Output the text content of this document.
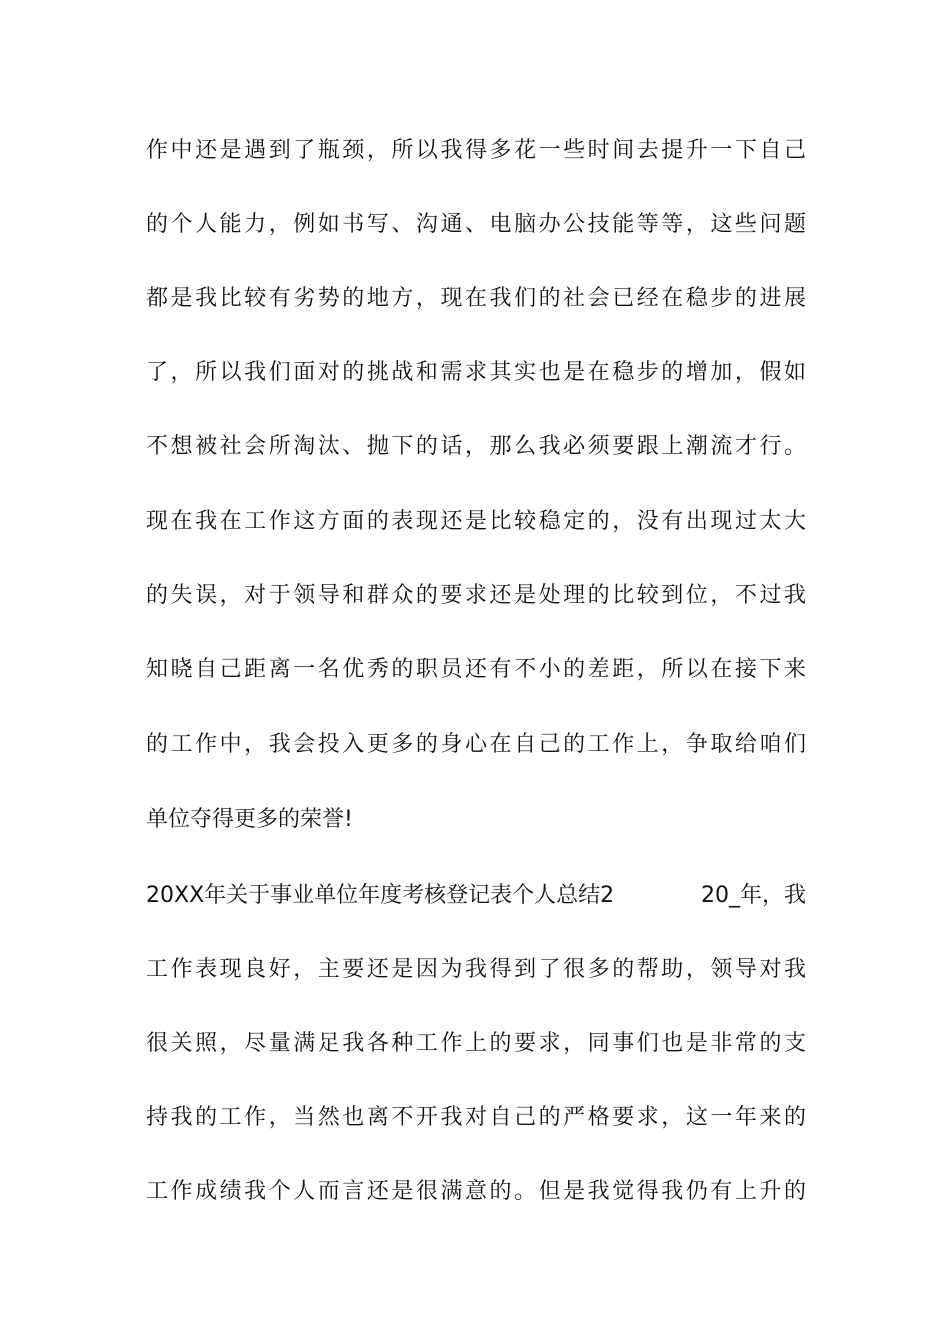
作中还是遇到了瓶颈，所以我得多花一些时间去提升一下自己
的个人能力，例如书写、沟通、电脑办公技能等等，这些问题
都是我比较有劣势的地方，现在我们的社会已经在稳步的进展
了，所以我们面对的挑战和需求其实也是在稳步的增加，假如
不想被社会所淘汰、抛下的话，那么我必须要跟上潮流才行。
现在我在工作这方面的表现还是比较稳定的，没有出现过太大
的失误，对于领导和群众的要求还是处理的比较到位，不过我
知晓自己距离一名优秀的职员还有不小的差距，所以在接下来
的工作中，我会投入更多的身心在自己的工作上，争取给咱们
单位夺得更多的荣誉!
20XX年关于事业单位年度考核登记表个人总结2	20_年，我
工作表现良好，主要还是因为我得到了很多的帮助，领导对我
很关照，尽量满足我各种工作上的要求，同事们也是非常的支
持我的工作，当然也离不开我对自己的严格要求，这一年来的
工作成绩我个人而言还是很满意的。但是我觉得我仍有上升的
